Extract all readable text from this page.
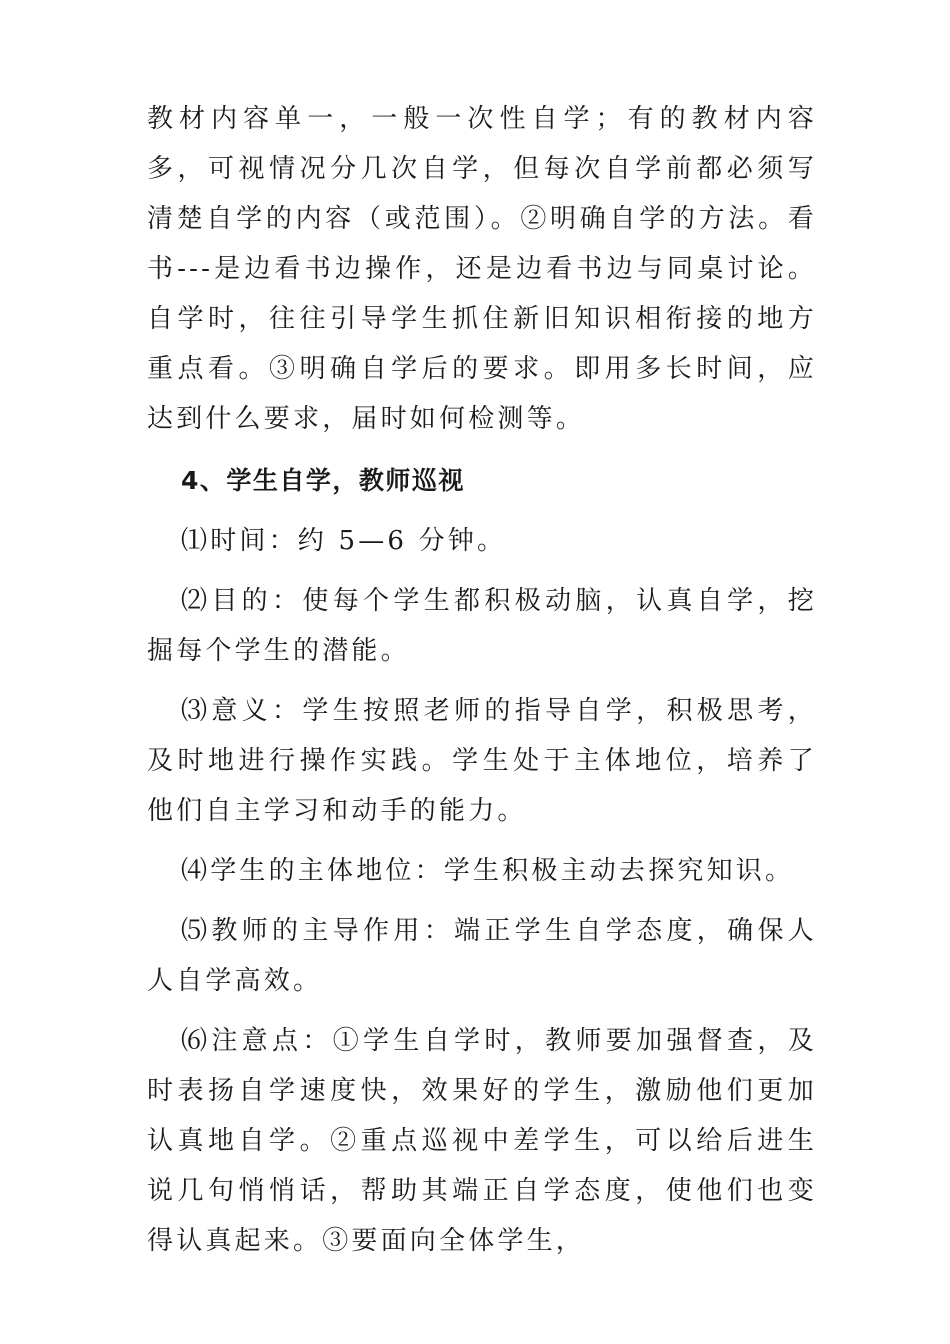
教材内容单一，一般一次性自学；有的教材内容多，可视情况分几次自学，但每次自学前都必须写清楚自学的内容（或范围）。②明确自学的方法。看书---是边看书边操作，还是边看书边与同桌讨论。自学时，往往引导学生抓住新旧知识相衔接的地方重点看。③明确自学后的要求。即用多长时间，应达到什么要求，届时如何检测等。

4、学生自学，教师巡视

⑴时间：约 5—6 分钟。

⑵目的：使每个学生都积极动脑，认真自学，挖掘每个学生的潜能。

⑶意义：学生按照老师的指导自学，积极思考，及时地进行操作实践。学生处于主体地位，培养了他们自主学习和动手的能力。

⑷学生的主体地位：学生积极主动去探究知识。

⑸教师的主导作用：端正学生自学态度，确保人人自学高效。

⑹注意点：①学生自学时，教师要加强督查，及时表扬自学速度快，效果好的学生，激励他们更加认真地自学。②重点巡视中差学生，可以给后进生说几句悄悄话，帮助其端正自学态度，使他们也变得认真起来。③要面向全体学生，
